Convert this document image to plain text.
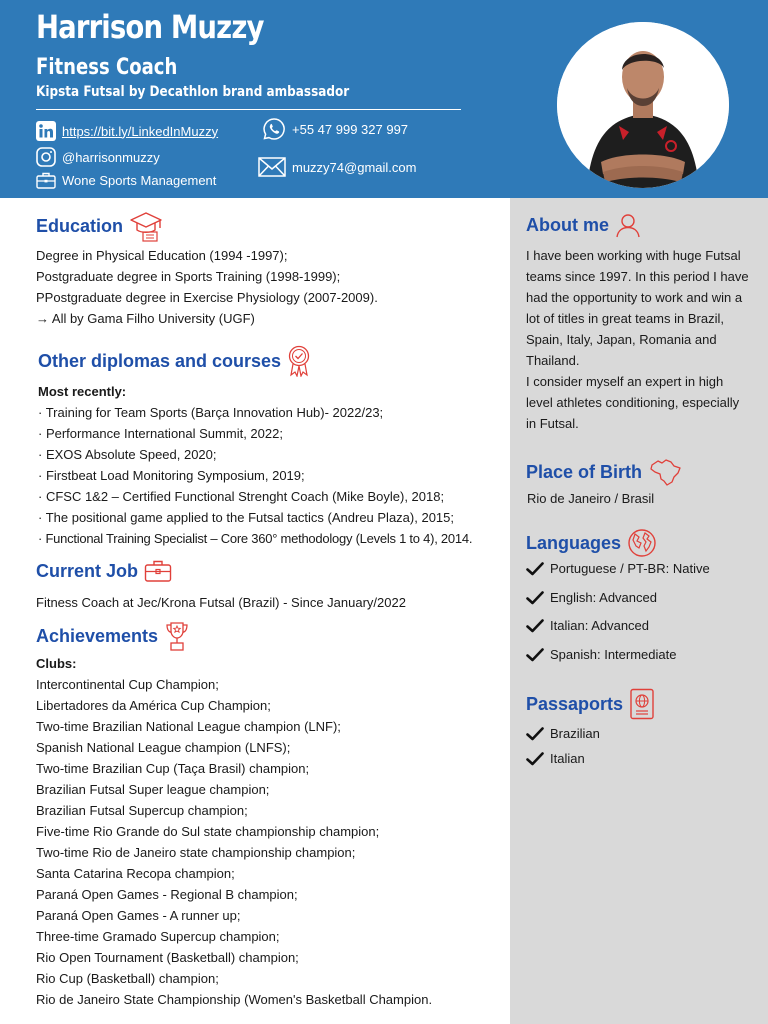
Harrison Muzzy
Fitness Coach
Kipsta Futsal by Decathlon brand ambassador
https://bit.ly/LinkedInMuzzy
@harrisonmuzzy
Wone Sports Management
+55 47 999 327 997
muzzy74@gmail.com
About me
I have been working with huge Futsal
teams since 1997. In this period I have
had the opportunity to work and win a
lot of titles in great teams in Brazil,
Spain, Italy, Japan, Romania and
Thailand.
I consider myself an expert in high
level athletes conditioning, especially
in Futsal.
Place of Birth
Rio de Janeiro / Brasil
Languages
Portuguese / PT-BR: Native
English: Advanced
Italian: Advanced
Spanish: Intermediate
Passaports
Brazilian
Italian
Education
Degree in Physical Education (1994 -1997);
Postgraduate degree in Sports Training (1998-1999);
PPostgraduate degree in Exercise Physiology (2007-2009).
→ All by Gama Filho University (UGF)
Other diplomas and courses
Most recently:
· Training for Team Sports (Barça Innovation Hub)- 2022/23;
· Performance International Summit, 2022;
· EXOS Absolute Speed, 2020;
· Firstbeat Load Monitoring Symposium, 2019;
· CFSC 1&2 – Certified Functional Strenght Coach (Mike Boyle), 2018;
· The positional game applied to the Futsal tactics (Andreu Plaza), 2015;
· Functional Training Specialist – Core 360° methodology (Levels 1 to 4), 2014.
Current Job
Fitness Coach at Jec/Krona Futsal (Brazil) - Since January/2022
Achievements
Clubs:
Intercontinental Cup Champion;
Libertadores da América Cup Champion;
Two-time Brazilian National League champion (LNF);
Spanish National League champion (LNFS);
Two-time Brazilian Cup (Taça Brasil) champion;
Brazilian Futsal Super league champion;
Brazilian Futsal Supercup champion;
Five-time Rio Grande do Sul state championship champion;
Two-time Rio de Janeiro state championship champion;
Santa Catarina Recopa champion;
Paraná Open Games - Regional B champion;
Paraná Open Games - A runner up;
Three-time Gramado Supercup champion;
Rio Open Tournament (Basketball) champion;
Rio Cup (Basketball) champion;
Rio de Janeiro State Championship (Women's Basketball Champion.
